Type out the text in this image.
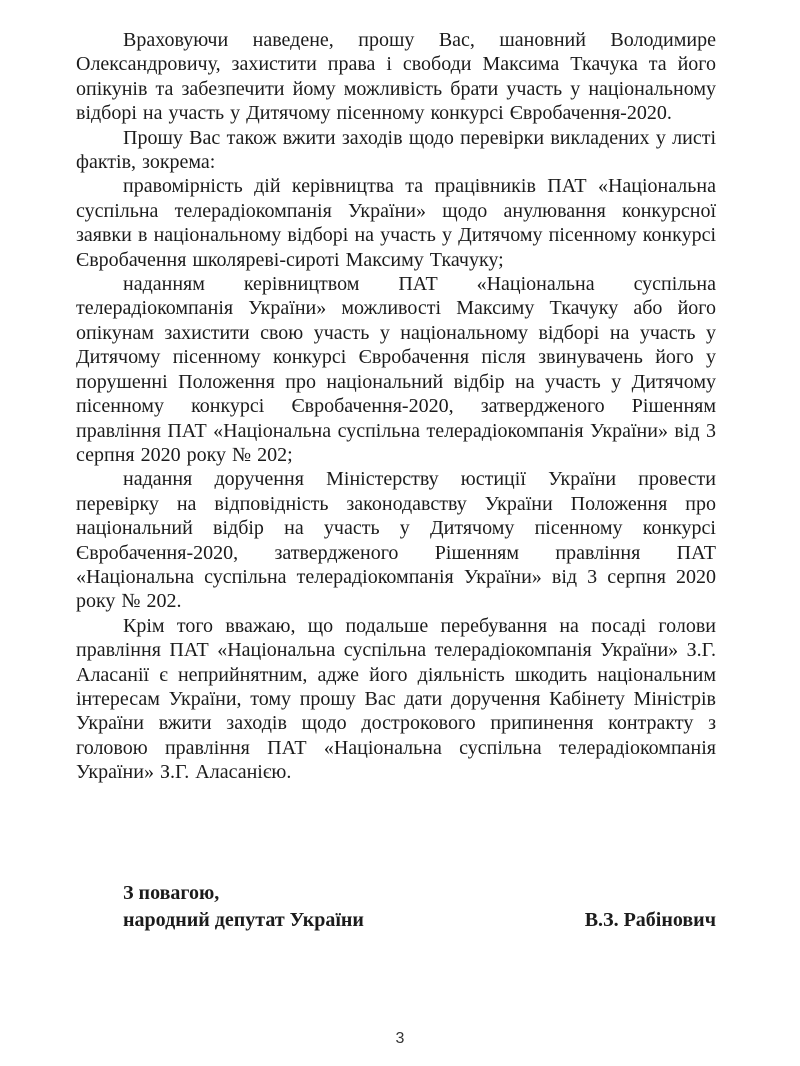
Враховуючи наведене, прошу Вас, шановний Володимире Олександровичу, захистити права і свободи Максима Ткачука та його опікунів та забезпечити йому можливість брати участь у національному відборі на участь у Дитячому пісенному конкурсі Євробачення-2020.

Прошу Вас також вжити заходів щодо перевірки викладених у листі фактів, зокрема:

правомірність дій керівництва та працівників ПАТ «Національна суспільна телерадіокомпанія України» щодо анулювання конкурсної заявки в національному відборі на участь у Дитячому пісенному конкурсі Євробачення школяреві-сироті Максиму Ткачуку;

наданням керівництвом ПАТ «Національна суспільна телерадіокомпанія України» можливості Максиму Ткачуку або його опікунам захистити свою участь у національному відборі на участь у Дитячому пісенному конкурсі Євробачення після звинувачень його у порушенні Положення про національний відбір на участь у Дитячому пісенному конкурсі Євробачення-2020, затвердженого Рішенням правління ПАТ «Національна суспільна телерадіокомпанія України» від 3 серпня 2020 року № 202;

надання доручення Міністерству юстиції України провести перевірку на відповідність законодавству України Положення про національний відбір на участь у Дитячому пісенному конкурсі Євробачення-2020, затвердженого Рішенням правління ПАТ «Національна суспільна телерадіокомпанія України» від 3 серпня 2020 року № 202.

Крім того вважаю, що подальше перебування на посаді голови правління ПАТ «Національна суспільна телерадіокомпанія України» З.Г. Аласанії є неприйнятним, адже його діяльність шкодить національним інтересам України, тому прошу Вас дати доручення Кабінету Міністрів України вжити заходів щодо дострокового припинення контракту з головою правління ПАТ «Національна суспільна телерадіокомпанія України» З.Г. Аласанією.

З повагою,
народний депутат України	В.З. Рабінович
3
